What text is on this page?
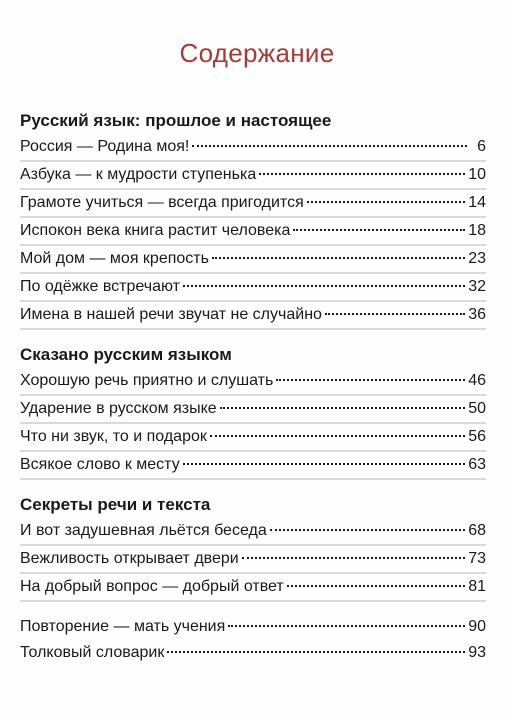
Содержание
Русский язык: прошлое и настоящее
Россия — Родина моя!	6
Азбука — к мудрости ступенька	10
Грамоте учиться — всегда пригодится	14
Испокон века книга растит человека	18
Мой дом — моя крепость	23
По одёжке встречают	32
Имена в нашей речи звучат не случайно	36
Сказано русским языком
Хорошую речь приятно и слушать	46
Ударение в русском языке	50
Что ни звук, то и подарок	56
Всякое слово к месту	63
Секреты речи и текста
И вот задушевная льётся беседа	68
Вежливость открывает двери	73
На добрый вопрос — добрый ответ	81
Повторение — мать учения	90
Толковый словарик	93
